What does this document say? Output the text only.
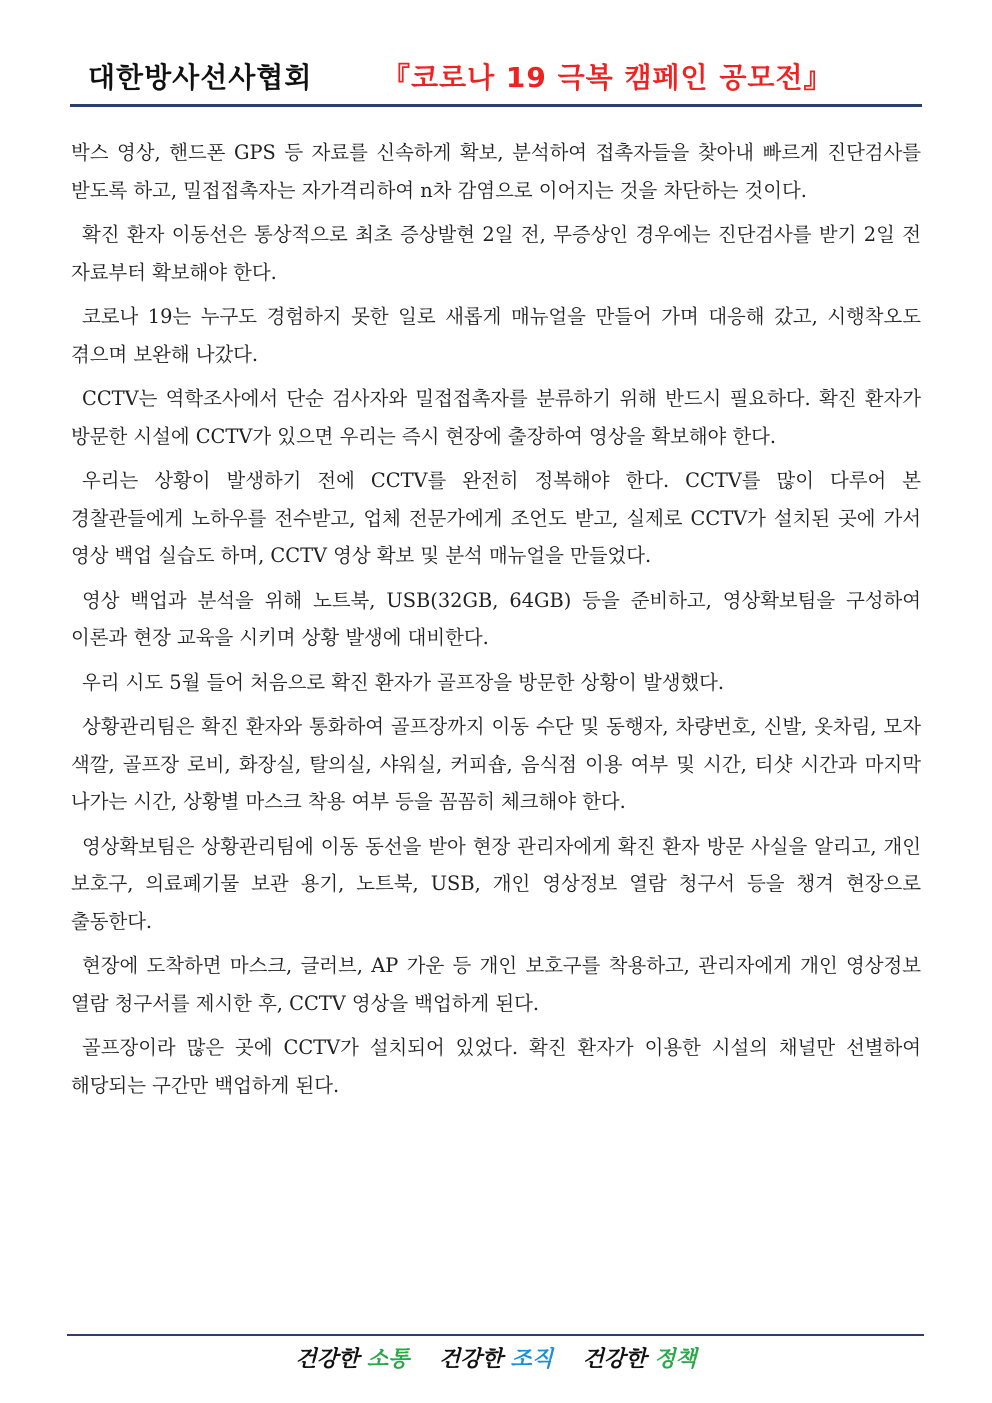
대한방사선사협회 『코로나 19 극복 캠페인 공모전』

박스 영상, 핸드폰 GPS 등 자료를 신속하게 확보, 분석하여 접촉자들을 찾아내 빠르게 진단검사를 받도록 하고, 밀접접촉자는 자가격리하여 n차 감염으로 이어지는 것을 차단하는 것이다.

확진 환자 이동선은 통상적으로 최초 증상발현 2일 전, 무증상인 경우에는 진단검사를 받기 2일 전 자료부터 확보해야 한다.

코로나 19는 누구도 경험하지 못한 일로 새롭게 매뉴얼을 만들어 가며 대응해 갔고, 시행착오도 겪으며 보완해 나갔다.

CCTV는 역학조사에서 단순 검사자와 밀접접촉자를 분류하기 위해 반드시 필요하다. 확진 환자가 방문한 시설에 CCTV가 있으면 우리는 즉시 현장에 출장하여 영상을 확보해야 한다.

우리는 상황이 발생하기 전에 CCTV를 완전히 정복해야 한다. CCTV를 많이 다루어 본 경찰관들에게 노하우를 전수받고, 업체 전문가에게 조언도 받고, 실제로 CCTV가 설치된 곳에 가서 영상 백업 실습도 하며, CCTV 영상 확보 및 분석 매뉴얼을 만들었다.

영상 백업과 분석을 위해 노트북, USB(32GB, 64GB) 등을 준비하고, 영상확보팀을 구성하여 이론과 현장 교육을 시키며 상황 발생에 대비한다.

우리 시도 5월 들어 처음으로 확진 환자가 골프장을 방문한 상황이 발생했다.

상황관리팀은 확진 환자와 통화하여 골프장까지 이동 수단 및 동행자, 차량번호, 신발, 옷차림, 모자 색깔, 골프장 로비, 화장실, 탈의실, 샤워실, 커피숍, 음식점 이용 여부 및 시간, 티샷 시간과 마지막 나가는 시간, 상황별 마스크 착용 여부 등을 꼼꼼히 체크해야 한다.

영상확보팀은 상황관리팀에 이동 동선을 받아 현장 관리자에게 확진 환자 방문 사실을 알리고, 개인 보호구, 의료폐기물 보관 용기, 노트북, USB, 개인 영상정보 열람 청구서 등을 챙겨 현장으로 출동한다.

현장에 도착하면 마스크, 글러브, AP 가운 등 개인 보호구를 착용하고, 관리자에게 개인 영상정보 열람 청구서를 제시한 후, CCTV 영상을 백업하게 된다.

골프장이라 많은 곳에 CCTV가 설치되어 있었다. 확진 환자가 이용한 시설의 채널만 선별하여 해당되는 구간만 백업하게 된다.

건강한 소통 건강한 조직 건강한 정책
